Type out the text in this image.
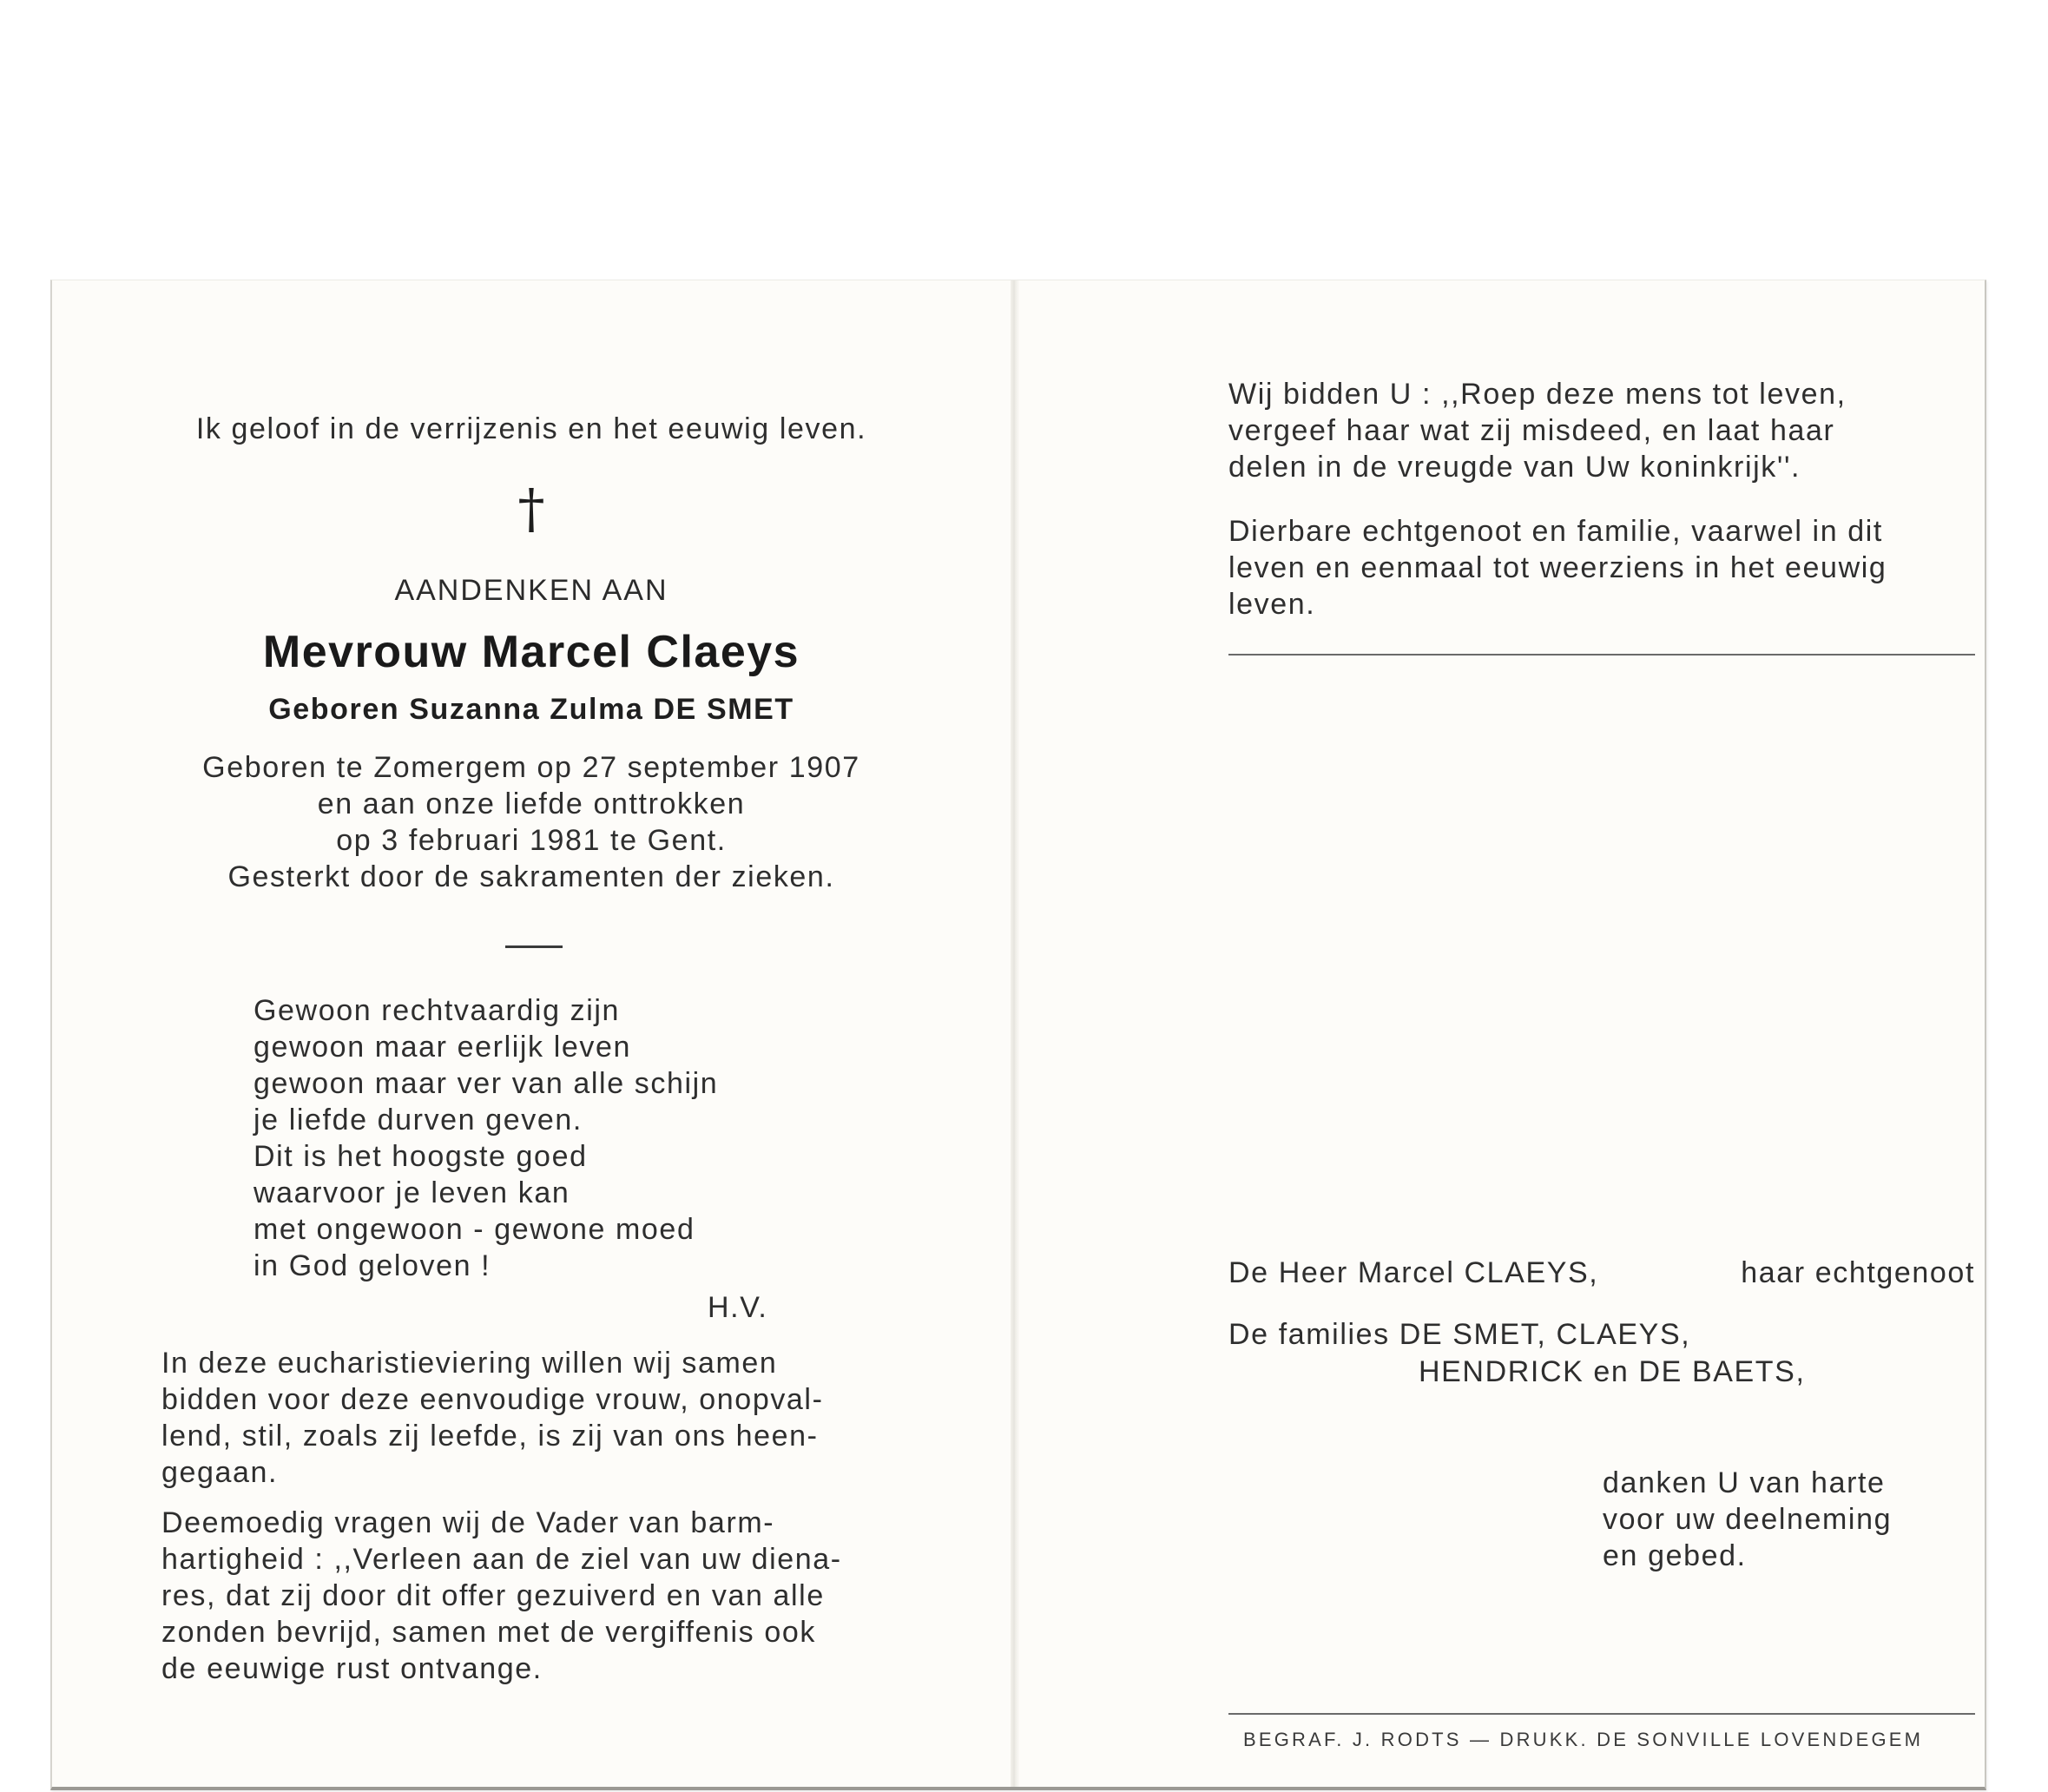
Ik geloof in de verrijzenis en het eeuwig leven.
†
AANDENKEN AAN
Mevrouw Marcel Claeys
Geboren Suzanna Zulma DE SMET
Geboren te Zomergem op 27 september 1907
en aan onze liefde onttrokken
op 3 februari 1981 te Gent.
Gesterkt door de sakramenten der zieken.
Gewoon rechtvaardig zijn
gewoon maar eerlijk leven
gewoon maar ver van alle schijn
je liefde durven geven.
Dit is het hoogste goed
waarvoor je leven kan
met ongewoon - gewone moed
in God geloven !
H.V.
In deze eucharistieviering willen wij samen
bidden voor deze eenvoudige vrouw, onopval-
lend, stil, zoals zij leefde, is zij van ons heen-
gegaan.
Deemoedig vragen wij de Vader van barm-
hartigheid : ,,Verleen aan de ziel van uw diena-
res, dat zij door dit offer gezuiverd en van alle
zonden bevrijd, samen met de vergiffenis ook
de eeuwige rust ontvange.
Wij bidden U : ,,Roep deze mens tot leven,
vergeef haar wat zij misdeed, en laat haar
delen in de vreugde van Uw koninkrijk''.
Dierbare echtgenoot en familie, vaarwel in dit
leven en eenmaal tot weerziens in het eeuwig
leven.
De Heer Marcel CLAEYS,	haar echtgenoot
De families DE SMET, CLAEYS,
HENDRICK en DE BAETS,
danken U van harte
voor uw deelneming
en gebed.
BEGRAF. J. RODTS — DRUKK. DE SONVILLE LOVENDEGEM
